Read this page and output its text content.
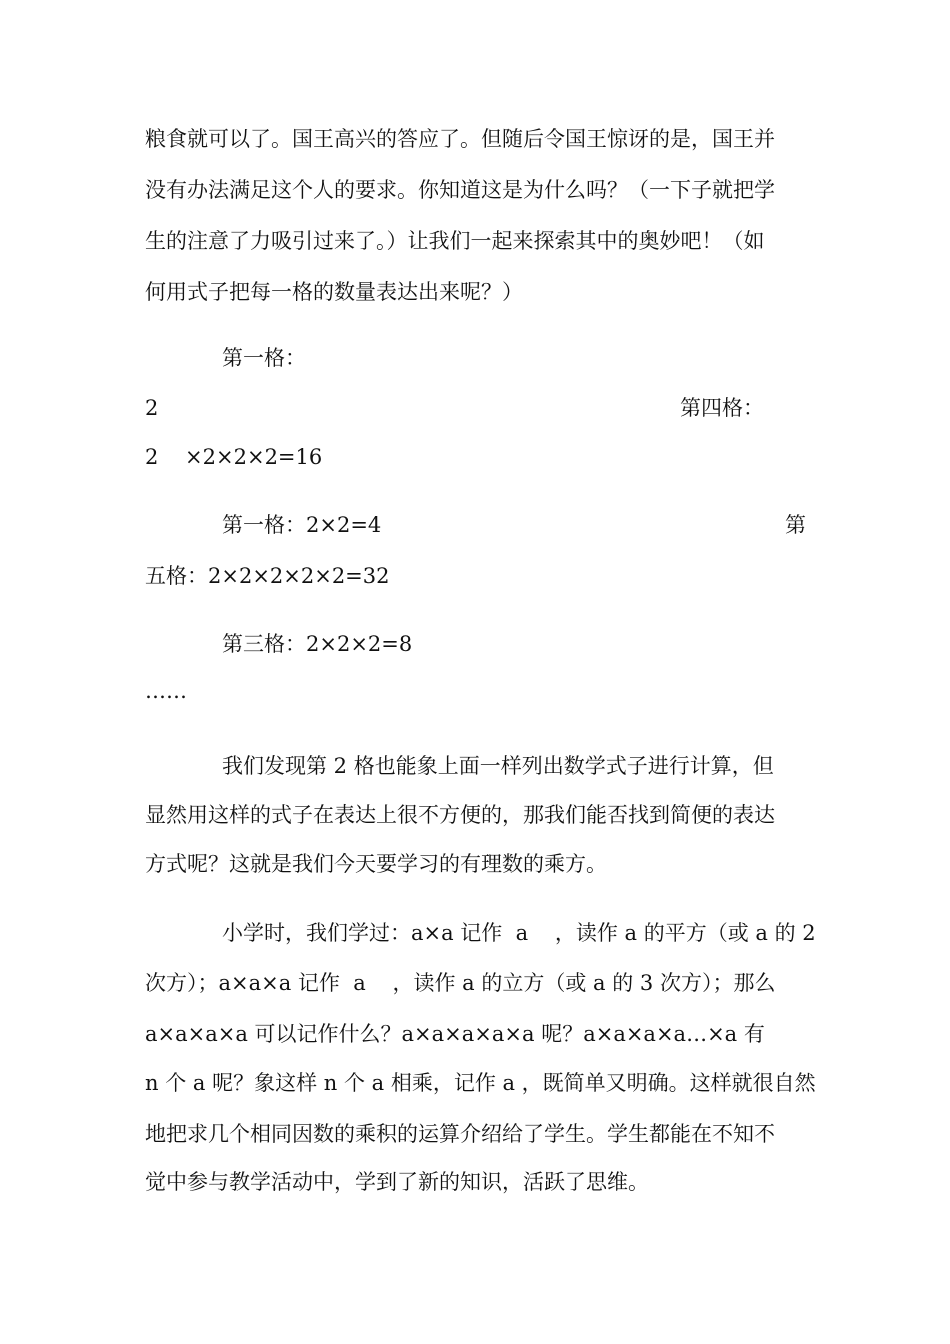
粮食就可以了。国王高兴的答应了。但随后令国王惊讶的是，国王并
没有办法满足这个人的要求。你知道这是为什么吗？（一下子就把学
生的注意了力吸引过来了。）让我们一起来探索其中的奥妙吧！（如
何用式子把每一格的数量表达出来呢？）
第一格：
2	第四格：
2    ×2×2×2=16
第一格：2×2=4	第
五格：2×2×2×2×2=32
第三格：2×2×2=8
……
我们发现第 2 格也能象上面一样列出数学式子进行计算，但
显然用这样的式子在表达上很不方便的，那我们能否找到简便的表达
方式呢？这就是我们今天要学习的有理数的乘方。
小学时，我们学过：a×a 记作  a    ，读作 a 的平方（或 a 的 2
次方）；a×a×a 记作  a    ，读作 a 的立方（或 a 的 3 次方）；那么
a×a×a×a 可以记作什么？a×a×a×a×a 呢？a×a×a×a…×a 有
n 个 a 呢？象这样 n 个 a 相乘，记作 a ，既简单又明确。这样就很自然
地把求几个相同因数的乘积的运算介绍给了学生。学生都能在不知不
觉中参与教学活动中，学到了新的知识，活跃了思维。
